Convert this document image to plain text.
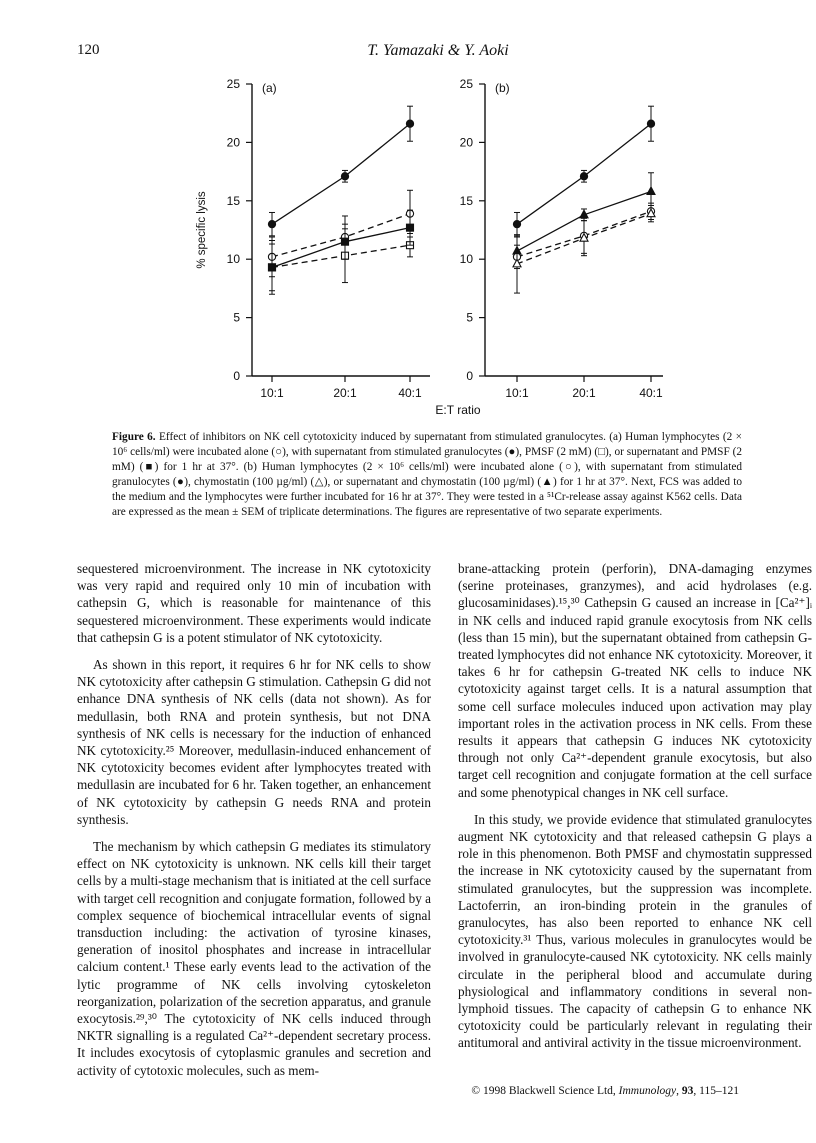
120	T. Yamazaki & Y. Aoki
0
5
10
15
20
25
10:1	20:1	40:1
(a)
% specific lysis
0
5
10
15
20
25
10:1	20:1	40:1
(b)
E:T ratio
Figure 6. Effect of inhibitors on NK cell cytotoxicity induced by supernatant from stimulated granulocytes. (a) Human lymphocytes (2 × 10⁶ cells/ml) were incubated alone (○), with supernatant from stimulated granulocytes (●), PMSF (2 mM) (□), or supernatant and PMSF (2 mM) (■) for 1 hr at 37°. (b) Human lymphocytes (2 × 10⁶ cells/ml) were incubated alone (○), with supernatant from stimulated granulocytes (●), chymostatin (100 µg/ml) (△), or supernatant and chymostatin (100 µg/ml) (▲) for 1 hr at 37°. Next, FCS was added to the medium and the lymphocytes were further incubated for 16 hr at 37°. They were tested in a ⁵¹Cr-release assay against K562 cells. Data are expressed as the mean ± SEM of triplicate determinations. The figures are representative of two separate experiments.

sequestered microenvironment. The increase in NK cytotoxicity was very rapid and required only 10 min of incubation with cathepsin G, which is reasonable for maintenance of this sequestered microenvironment. These experiments would indicate that cathepsin G is a potent stimulator of NK cytotoxicity.

As shown in this report, it requires 6 hr for NK cells to show NK cytotoxicity after cathepsin G stimulation. Cathepsin G did not enhance DNA synthesis of NK cells (data not shown). As for medullasin, both RNA and protein synthesis, but not DNA synthesis of NK cells is necessary for the induction of enhanced NK cytotoxicity.²⁵ Moreover, medullasin-induced enhancement of NK cytotoxicity becomes evident after lymphocytes treated with medullasin are incubated for 6 hr. Taken together, an enhancement of NK cytotoxicity by cathepsin G needs RNA and protein synthesis.

The mechanism by which cathepsin G mediates its stimulatory effect on NK cytotoxicity is unknown. NK cells kill their target cells by a multi-stage mechanism that is initiated at the cell surface with target cell recognition and conjugate formation, followed by a complex sequence of biochemical intracellular events of signal transduction including: the activation of tyrosine kinases, generation of inositol phosphates and increase in intracellular calcium content.¹ These early events lead to the activation of the lytic programme of NK cells involving cytoskeleton reorganization, polarization of the secretion apparatus, and granule exocytosis.²⁹,³⁰ The cytotoxicity of NK cells induced through NKTR signalling is a regulated Ca²⁺-dependent secretary process. It includes exocytosis of cytoplasmic granules and secretion and activity of cytotoxic molecules, such as mem-

brane-attacking protein (perforin), DNA-damaging enzymes (serine proteinases, granzymes), and acid hydrolases (e.g. glucosaminidases).¹⁵,³⁰ Cathepsin G caused an increase in [Ca²⁺]ᵢ in NK cells and induced rapid granule exocytosis from NK cells (less than 15 min), but the supernatant obtained from cathepsin G-treated lymphocytes did not enhance NK cytotoxicity. Moreover, it takes 6 hr for cathepsin G-treated NK cells to induce NK cytotoxicity against target cells. It is a natural assumption that some cell surface molecules induced upon activation may play important roles in the activation process in NK cells. From these results it appears that cathepsin G induces NK cytotoxicity through not only Ca²⁺-dependent granule exocytosis, but also target cell recognition and conjugate formation at the cell surface and some phenotypical changes in NK cell surface.

In this study, we provide evidence that stimulated granulocytes augment NK cytotoxicity and that released cathepsin G plays a role in this phenomenon. Both PMSF and chymostatin suppressed the increase in NK cytotoxicity caused by the supernatant from stimulated granulocytes, but the suppression was incomplete. Lactoferrin, an iron-binding protein in the granules of granulocytes, has also been reported to enhance NK cell cytotoxicity.³¹ Thus, various molecules in granulocytes would be involved in granulocyte-caused NK cytotoxicity. NK cells mainly circulate in the peripheral blood and accumulate during physiological and inflammatory conditions in several non-lymphoid tissues. The capacity of cathepsin G to enhance NK cytotoxicity could be particularly relevant in regulating their antitumoral and antiviral activity in the tissue microenvironment.

© 1998 Blackwell Science Ltd, Immunology, 93, 115–121
